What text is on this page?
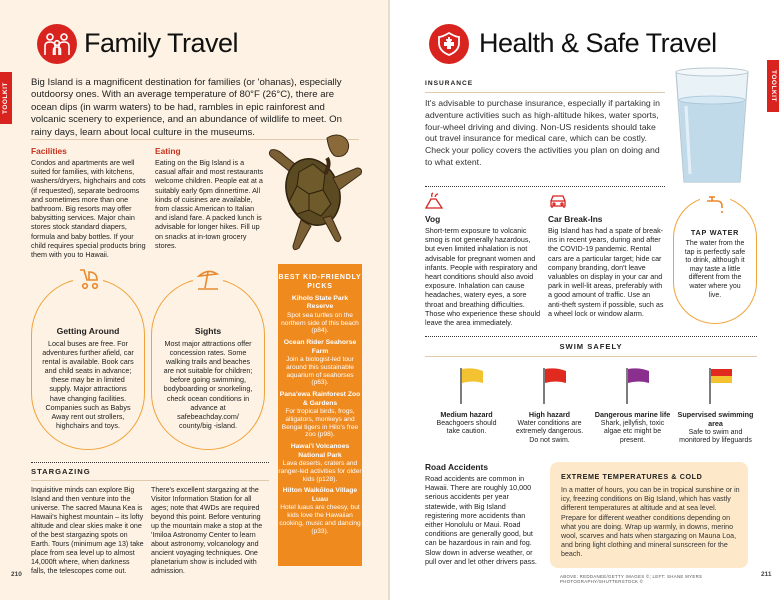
TOOLKIT
Family Travel
Big Island is a magnificent destination for families (or 'ohanas), especially outdoorsy ones. With an average temperature of 80°F (26°C), there are ocean dips (in warm waters) to be had, rambles in epic rainforest and volcanic scenery to experience, and an abundance of wildlife to meet. On rainy days, learn about local culture in the museums.
Facilities
Condos and apartments are well suited for families, with kitchens, washers/dryers, highchairs and cots (if requested), separate bedrooms and sometimes more than one bathroom. Big resorts may offer babysitting services. Major chain stores stock standard diapers, formula and baby bottles. If your child requires special products bring them with you to Hawaii.
Eating
Eating on the Big Island is a casual affair and most restaurants welcome children. People eat at a suitably early 6pm dinnertime. All kinds of cuisines are available, from classic American to Italian and island fare. A packed lunch is advisable for longer hikes. Fill up on snacks at in-town grocery stores.
Getting Around
Local buses are free. For adventures further afield, car rental is available. Book cars and child seats in advance; these may be in limited supply. Major attractions have changing facilities. Companies such as Babys Away rent out strollers, highchairs and toys.
Sights
Most major attractions offer concession rates. Some walking trails and beaches are not suitable for children; before going swimming, bodyboarding or snorkeling, check ocean conditions in advance at safebeachday.com/ county/big -island.
BEST KID-FRIENDLY PICKS
Kiholo State Park Reserve
Spot sea turtles on the northern side of this beach (p84).
Ocean Rider Seahorse Farm
Join a biologist-led tour around this sustainable aquarium of seahorses (p63).
Pana'ewa Rainforest Zoo & Gardens
For tropical birds, frogs, alligators, monkeys and Bengal tigers in Hilo's free zoo (p98).
Hawai'i Volcanoes National Park
Lava deserts, craters and ranger-led activities for older kids (p128).
Hilton Waikōloa Village Luau
Hotel luaus are cheesy, but kids love the Hawaiian cooking, music and dancing (p33).
STARGAZING
Inquisitive minds can explore Big Island and then venture into the universe. The sacred Mauna Kea is Hawaii's highest mountain – its lofty altitude and clear skies make it one of the best stargazing spots on Earth. Tours (minimum age 13) take place from sea level up to almost 14,000ft where, when darkness falls, the telescopes come out.
There's excellent stargazing at the Visitor Information Station for all ages; note that 4WDs are required beyond this point. Before venturing up the mountain make a stop at the 'Imiloa Astronomy Center to learn about astronomy, volcanology and ancient voyaging techniques. One planetarium show is included with admission.
210
TOOLKIT
Health & Safe Travel
INSURANCE
It's advisable to purchase insurance, especially if partaking in adventure activities such as high-altitude hikes, water sports, four-wheel driving and diving. Non-US residents should take out travel insurance for medical care, which can be costly. Check your policy covers the activities you plan on doing and to what extent.
Vog
Short-term exposure to volcanic smog is not generally hazardous, but even limited inhalation is not advisable for pregnant women and infants. People with respiratory and heart conditions should also avoid exposure. Inhalation can cause headaches, watery eyes, a sore throat and breathing difficulties. Those who experience these should leave the area immediately.
Car Break-Ins
Big Island has had a spate of break-ins in recent years, during and after the COVID-19 pandemic. Rental cars are a particular target; hide car company branding, don't leave valuables on display in your car and park in well-lit areas, preferably with a good amount of traffic. Use an anti-theft system if possible, such as a wheel lock or window alarm.
TAP WATER
The water from the tap is perfectly safe to drink, although it may taste a little different from the water where you live.
SWIM SAFELY
Medium hazard
Beachgoers should take caution.
High hazard
Water conditions are extremely dangerous. Do not swim.
Dangerous marine life
Shark, jellyfish, toxic algae etc might be present.
Supervised swimming area
Safe to swim and monitored by lifeguards
Road Accidents
Road accidents are common in Hawaii. There are roughly 10,000 serious accidents per year statewide, with Big Island registering more accidents than either Honolulu or Maui. Road conditions are generally good, but can be hazardous in rain and fog. Slow down in adverse weather, or pull over and let other drivers pass.
EXTREME TEMPERATURES & COLD
In a matter of hours, you can be in tropical sunshine or in icy, freezing conditions on Big Island, which has vastly different temperatures at altitude and at sea level. Prepare for different weather conditions depending on what you are doing. Wrap up warmly, in downs, merino wool, scarves and hats when stargazing on Mauna Loa, and bring light clothing and mineral sunscreen for the beach.
ABOVE: REDDANEE/GETTY IMAGES ©; LEFT: SHANE MYERS PHOTOGRAPHY/SHUTTERSTOCK ©
211
